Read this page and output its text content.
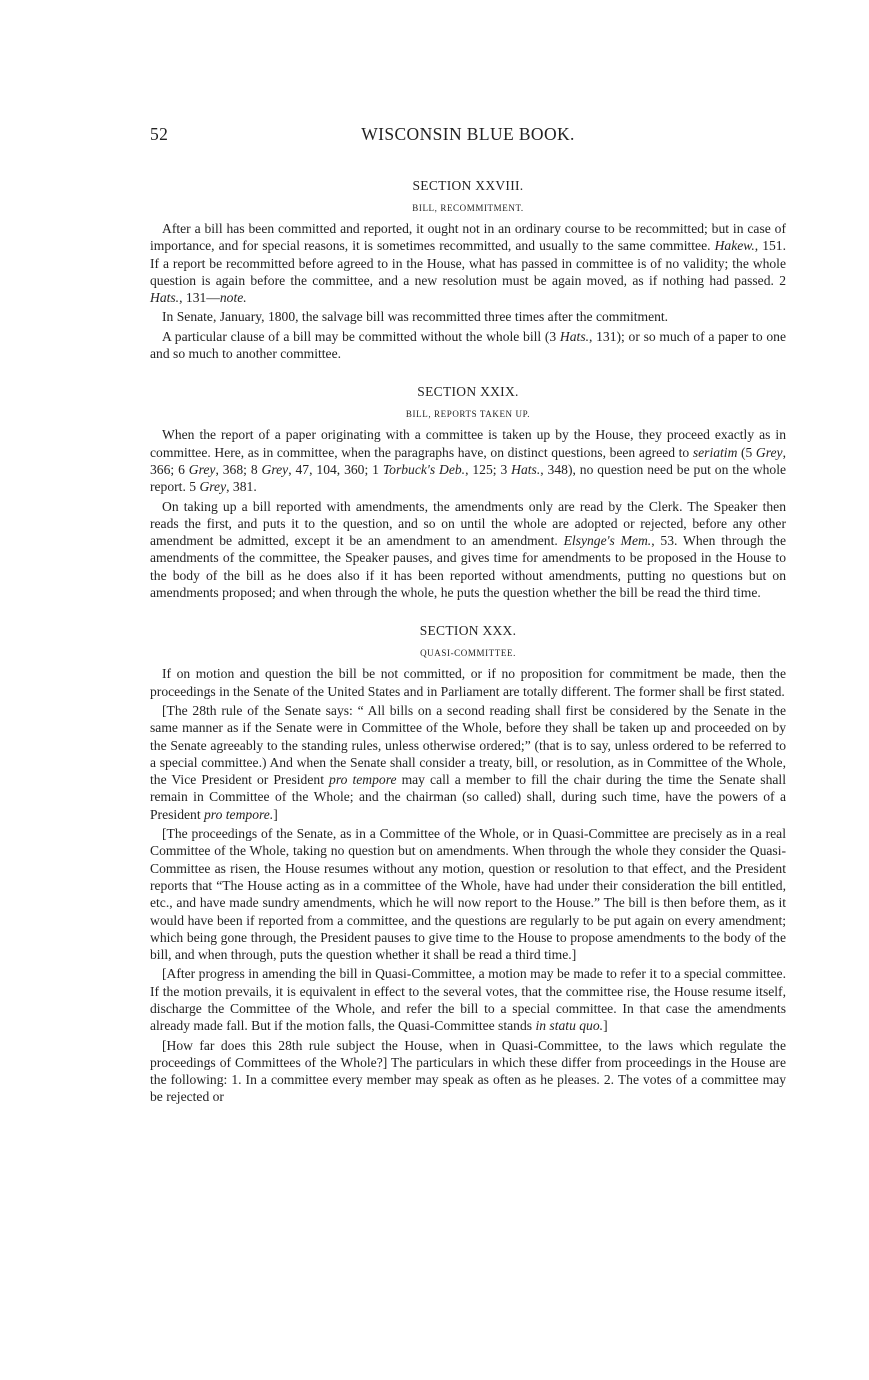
52	WISCONSIN BLUE BOOK.
SECTION XXVIII.
BILL, RECOMMITMENT.

After a bill has been committed and reported, it ought not in an ordinary course to be recommitted; but in case of importance, and for special reasons, it is sometimes recommitted, and usually to the same committee. Hakew., 151. If a report be recommitted before agreed to in the House, what has passed in committee is of no validity; the whole question is again before the committee, and a new resolution must be again moved, as if nothing had passed. 2 Hats., 131—note.

In Senate, January, 1800, the salvage bill was recommitted three times after the commitment.

A particular clause of a bill may be committed without the whole bill (3 Hats., 131); or so much of a paper to one and so much to another committee.

SECTION XXIX.
BILL, REPORTS TAKEN UP.

When the report of a paper originating with a committee is taken up by the House, they proceed exactly as in committee. Here, as in committee, when the paragraphs have, on distinct questions, been agreed to seriatim (5 Grey, 366; 6 Grey, 368; 8 Grey, 47, 104, 360; 1 Torbuck's Deb., 125; 3 Hats., 348), no question need be put on the whole report. 5 Grey, 381.

On taking up a bill reported with amendments, the amendments only are read by the Clerk. The Speaker then reads the first, and puts it to the question, and so on until the whole are adopted or rejected, before any other amendment be admitted, except it be an amendment to an amendment. Elsynge's Mem., 53. When through the amendments of the committee, the Speaker pauses, and gives time for amendments to be proposed in the House to the body of the bill as he does also if it has been reported without amendments, putting no questions but on amendments proposed; and when through the whole, he puts the question whether the bill be read the third time.

SECTION XXX.
QUASI-COMMITTEE.

If on motion and question the bill be not committed, or if no proposition for commitment be made, then the proceedings in the Senate of the United States and in Parliament are totally different. The former shall be first stated.

[The 28th rule of the Senate says: “ All bills on a second reading shall first be considered by the Senate in the same manner as if the Senate were in Committee of the Whole, before they shall be taken up and proceeded on by the Senate agreeably to the standing rules, unless otherwise ordered;” (that is to say, unless ordered to be referred to a special committee.) And when the Senate shall consider a treaty, bill, or resolution, as in Committee of the Whole, the Vice President or President pro tempore may call a member to fill the chair during the time the Senate shall remain in Committee of the Whole; and the chairman (so called) shall, during such time, have the powers of a President pro tempore.]

[The proceedings of the Senate, as in a Committee of the Whole, or in Quasi-Committee are precisely as in a real Committee of the Whole, taking no question but on amendments. When through the whole they consider the Quasi-Committee as risen, the House resumes without any motion, question or resolution to that effect, and the President reports that “The House acting as in a committee of the Whole, have had under their consideration the bill entitled, etc., and have made sundry amendments, which he will now report to the House.” The bill is then before them, as it would have been if reported from a committee, and the questions are regularly to be put again on every amendment; which being gone through, the President pauses to give time to the House to propose amendments to the body of the bill, and when through, puts the question whether it shall be read a third time.]

[After progress in amending the bill in Quasi-Committee, a motion may be made to refer it to a special committee. If the motion prevails, it is equivalent in effect to the several votes, that the committee rise, the House resume itself, discharge the Committee of the Whole, and refer the bill to a special committee. In that case the amendments already made fall. But if the motion falls, the Quasi-Committee stands in statu quo.]

[How far does this 28th rule subject the House, when in Quasi-Committee, to the laws which regulate the proceedings of Committees of the Whole?] The particulars in which these differ from proceedings in the House are the following: 1. In a committee every member may speak as often as he pleases. 2. The votes of a committee may be rejected or
